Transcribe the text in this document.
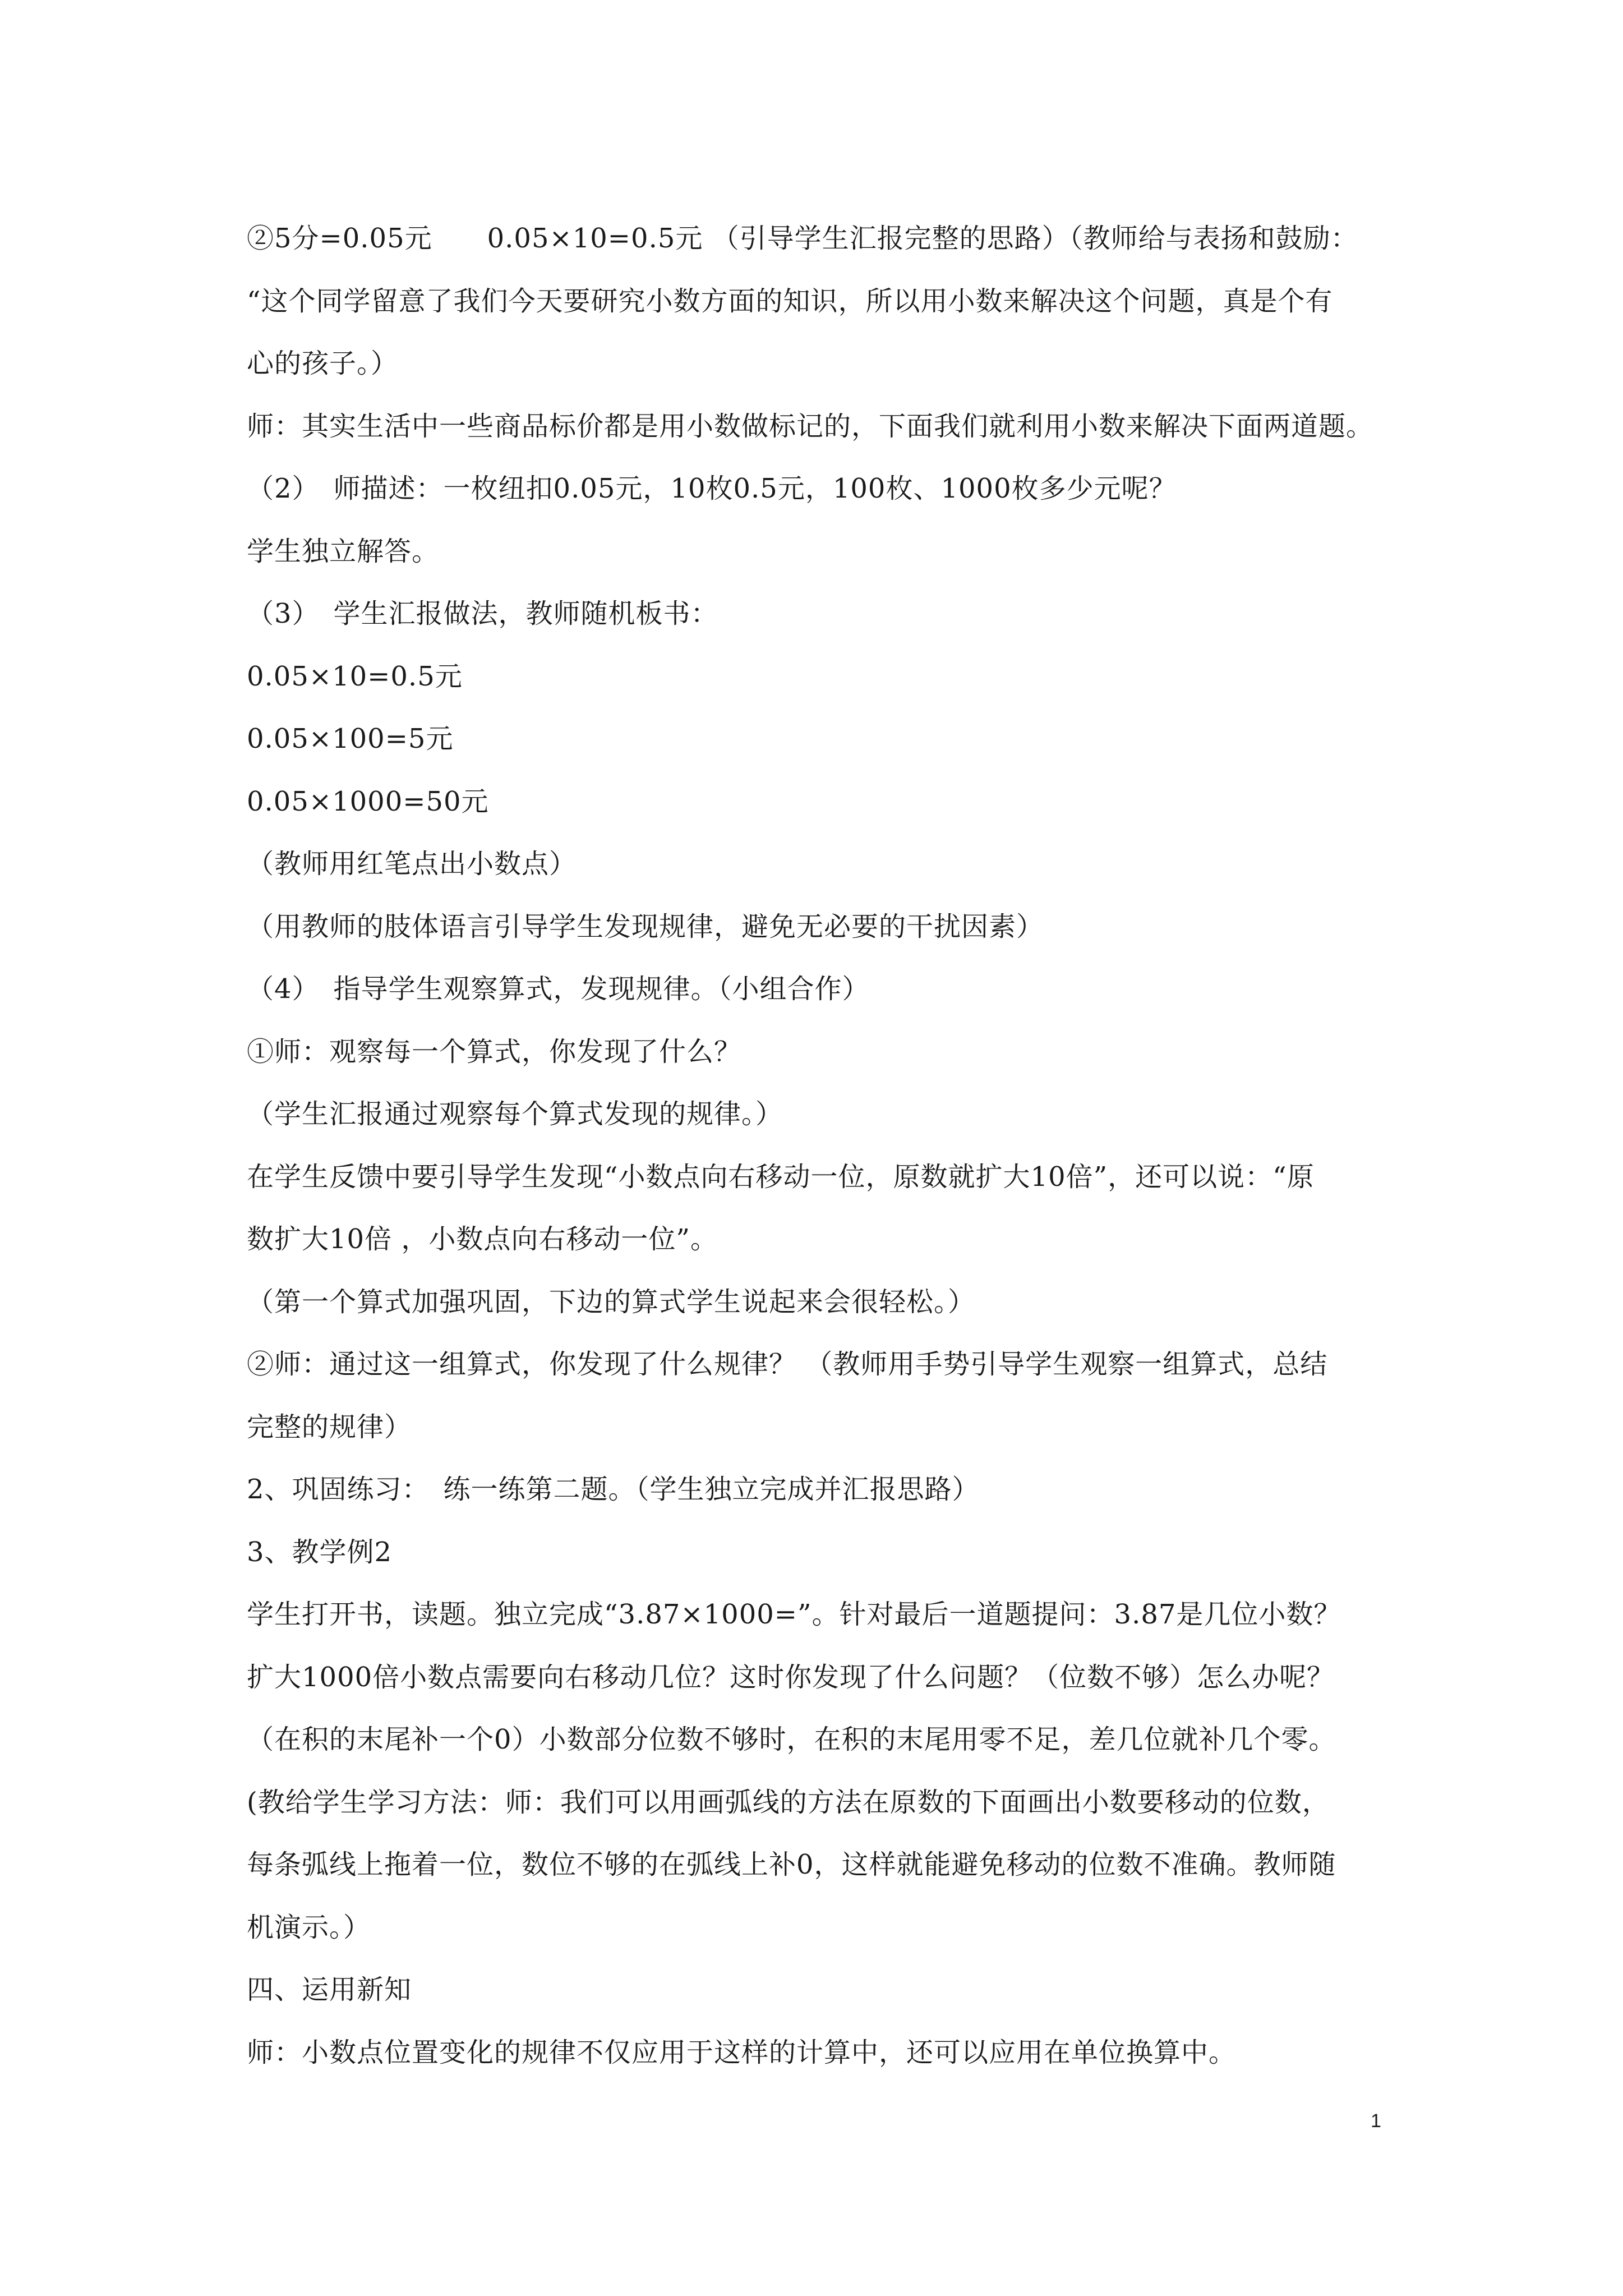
②5分=0.05元　　0.05×10=0.5元 （引导学生汇报完整的思路）（教师给与表扬和鼓励：
“这个同学留意了我们今天要研究小数方面的知识，所以用小数来解决这个问题，真是个有
心的孩子。）
师：其实生活中一些商品标价都是用小数做标记的，下面我们就利用小数来解决下面两道题。
（2）　师描述：一枚纽扣0.05元，10枚0.5元，100枚、1000枚多少元呢？
学生独立解答。
（3）　学生汇报做法，教师随机板书：
0.05×10=0.5元
0.05×100=5元
0.05×1000=50元
（教师用红笔点出小数点）
（用教师的肢体语言引导学生发现规律，避免无必要的干扰因素）
（4）　指导学生观察算式，发现规律。（小组合作）
①师：观察每一个算式，你发现了什么？
（学生汇报通过观察每个算式发现的规律。）
在学生反馈中要引导学生发现“小数点向右移动一位，原数就扩大10倍”，还可以说：“原
数扩大10倍 ，小数点向右移动一位”。
（第一个算式加强巩固，下边的算式学生说起来会很轻松。）
②师：通过这一组算式，你发现了什么规律？ （教师用手势引导学生观察一组算式，总结
完整的规律）
2、巩固练习：　练一练第二题。（学生独立完成并汇报思路）
3、教学例2
学生打开书，读题。独立完成“3.87×1000=”。针对最后一道题提问：3.87是几位小数？
扩大1000倍小数点需要向右移动几位？这时你发现了什么问题？（位数不够）怎么办呢？
（在积的末尾补一个0）小数部分位数不够时，在积的末尾用零不足，差几位就补几个零。
(教给学生学习方法：师：我们可以用画弧线的方法在原数的下面画出小数要移动的位数，
每条弧线上拖着一位，数位不够的在弧线上补0，这样就能避免移动的位数不准确。教师随
机演示。）
四、运用新知
师：小数点位置变化的规律不仅应用于这样的计算中，还可以应用在单位换算中。
1
